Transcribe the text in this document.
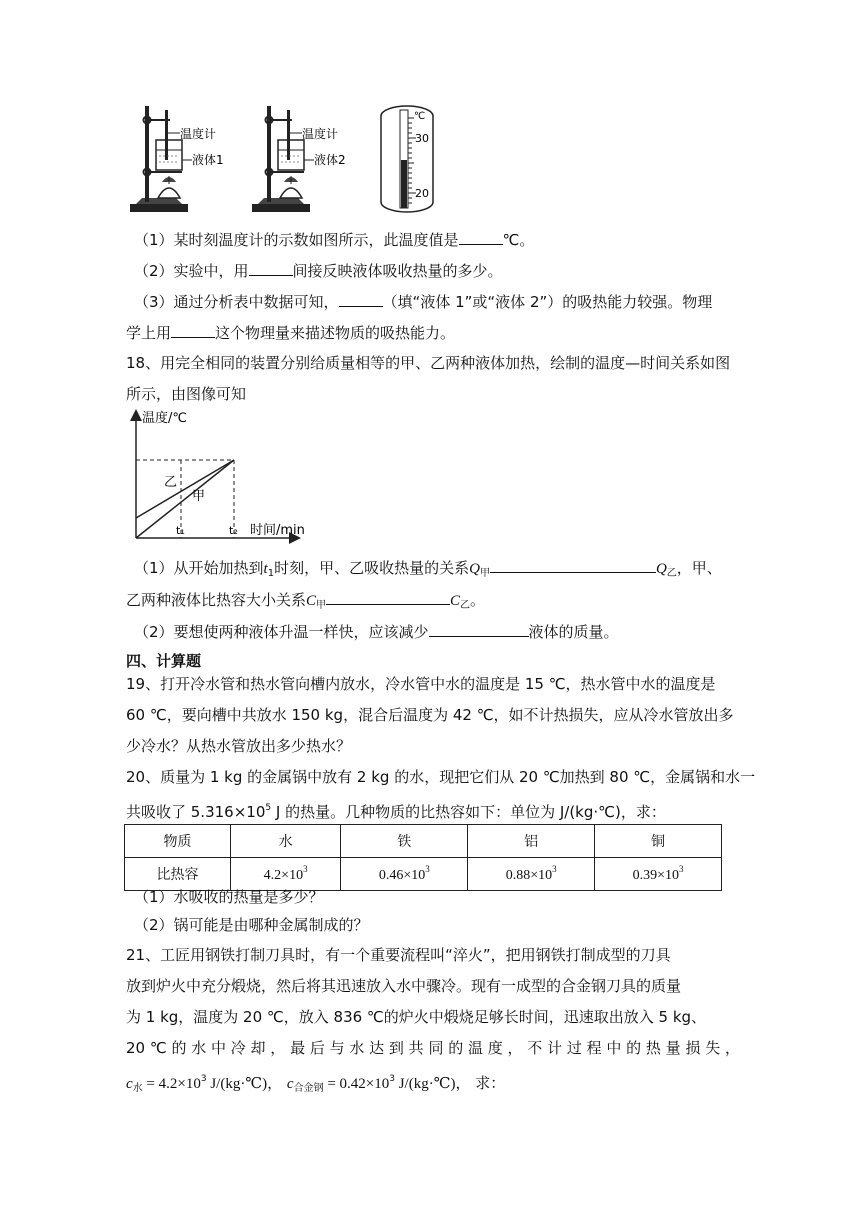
温度计
液体1
温度计
液体2
℃
30
20
（1）某时刻温度计的示数如图所示，此温度值是	℃。
（2）实验中，用	间接反映液体吸收热量的多少。
（3）通过分析表中数据可知，	（填“液体 1”或“液体 2”）的吸热能力较强。物理
学上用	这个物理量来描述物质的吸热能力。
18、用完全相同的装置分别给质量相等的甲、乙两种液体加热，绘制的温度—时间关系如图
所示，由图像可知
温度/℃
乙
甲
t₁	t₂ 时间/min
（1）从开始加热到$t_1$时刻，甲、乙吸收热量的关系$Q_甲$	$Q_乙$，甲、
乙两种液体比热容大小关系$C_甲$	$C_乙$。
（2）要想使两种液体升温一样快，应该减少	液体的质量。
四、计算题
19、打开冷水管和热水管向槽内放水，冷水管中水的温度是 15 ℃，热水管中水的温度是
60 ℃，要向槽中共放水 150 kg，混合后温度为 42 ℃，如不计热损失，应从冷水管放出多
少冷水？从热水管放出多少热水？
20、质量为 1 kg 的金属锅中放有 2 kg 的水，现把它们从 20 ℃加热到 80 ℃，金属锅和水一
共吸收了 $5.316\times 10^5$ J 的热量。几种物质的比热容如下：单位为 J/(kg·℃)，求：
物质	水	铁	铝	铜
比热容	$4.2\times 10^3$	$0.46\times 10^3$	$0.88\times 10^3$	$0.39\times 10^3$
（1）水吸收的热量是多少？
（2）锅可能是由哪种金属制成的？
21、工匠用钢铁打制刀具时，有一个重要流程叫“淬火”，把用钢铁打制成型的刀具
放到炉火中充分煅烧，然后将其迅速放入水中骤冷。现有一成型的合金钢刀具的质量
为 1 kg，温度为 20 ℃，放入 836 ℃的炉火中煅烧足够长时间，迅速取出放入 5 kg、
20 ℃ 的 水 中 冷 却 ， 最 后 与 水 达 到 共 同 的 温 度 ， 不 计 过 程 中 的 热 量 损 失 ，
$c_水 = 4.2\times 10^3$ J/(kg·℃)， $c_{合金钢} = 0.42\times 10^3$ J/(kg·℃)， 求：
